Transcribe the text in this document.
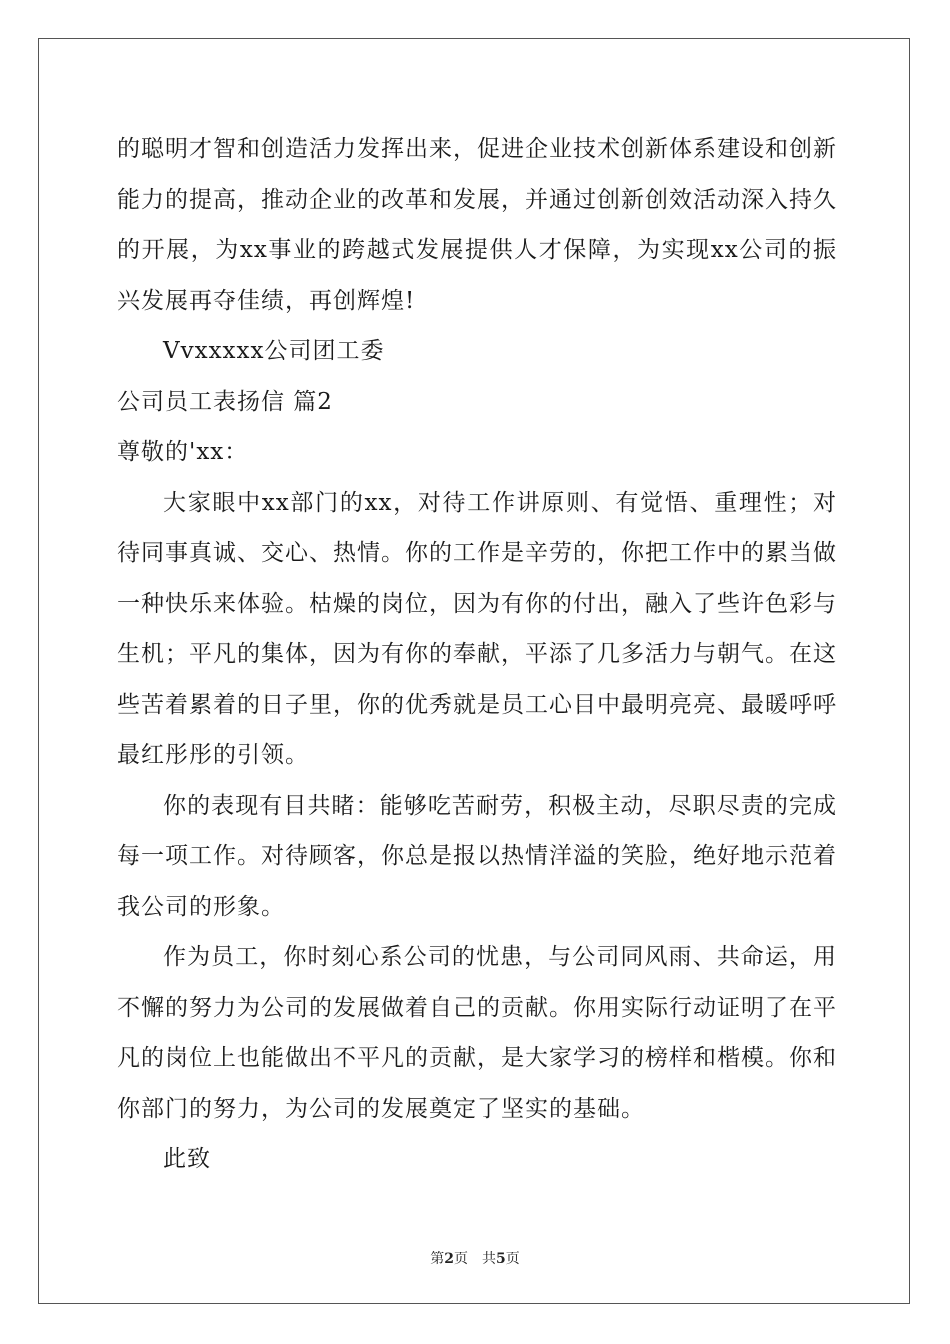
的聪明才智和创造活力发挥出来，促进企业技术创新体系建设和创新能力的提高，推动企业的改革和发展，并通过创新创效活动深入持久的开展，为xx事业的跨越式发展提供人才保障，为实现xx公司的振兴发展再夺佳绩，再创辉煌!

Vvxxxxx公司团工委

公司员工表扬信 篇2

尊敬的'xx：

大家眼中xx部门的xx，对待工作讲原则、有觉悟、重理性；对待同事真诚、交心、热情。你的工作是辛劳的，你把工作中的累当做一种快乐来体验。枯燥的岗位，因为有你的付出，融入了些许色彩与生机；平凡的集体，因为有你的奉献，平添了几多活力与朝气。在这些苦着累着的日子里，你的优秀就是员工心目中最明亮亮、最暖呼呼最红彤彤的引领。

你的表现有目共睹：能够吃苦耐劳，积极主动，尽职尽责的完成每一项工作。对待顾客，你总是报以热情洋溢的笑脸，绝好地示范着我公司的形象。

作为员工，你时刻心系公司的忧患，与公司同风雨、共命运，用不懈的努力为公司的发展做着自己的贡献。你用实际行动证明了在平凡的岗位上也能做出不平凡的贡献，是大家学习的榜样和楷模。你和你部门的努力，为公司的发展奠定了坚实的基础。

此致

第2页　共5页
